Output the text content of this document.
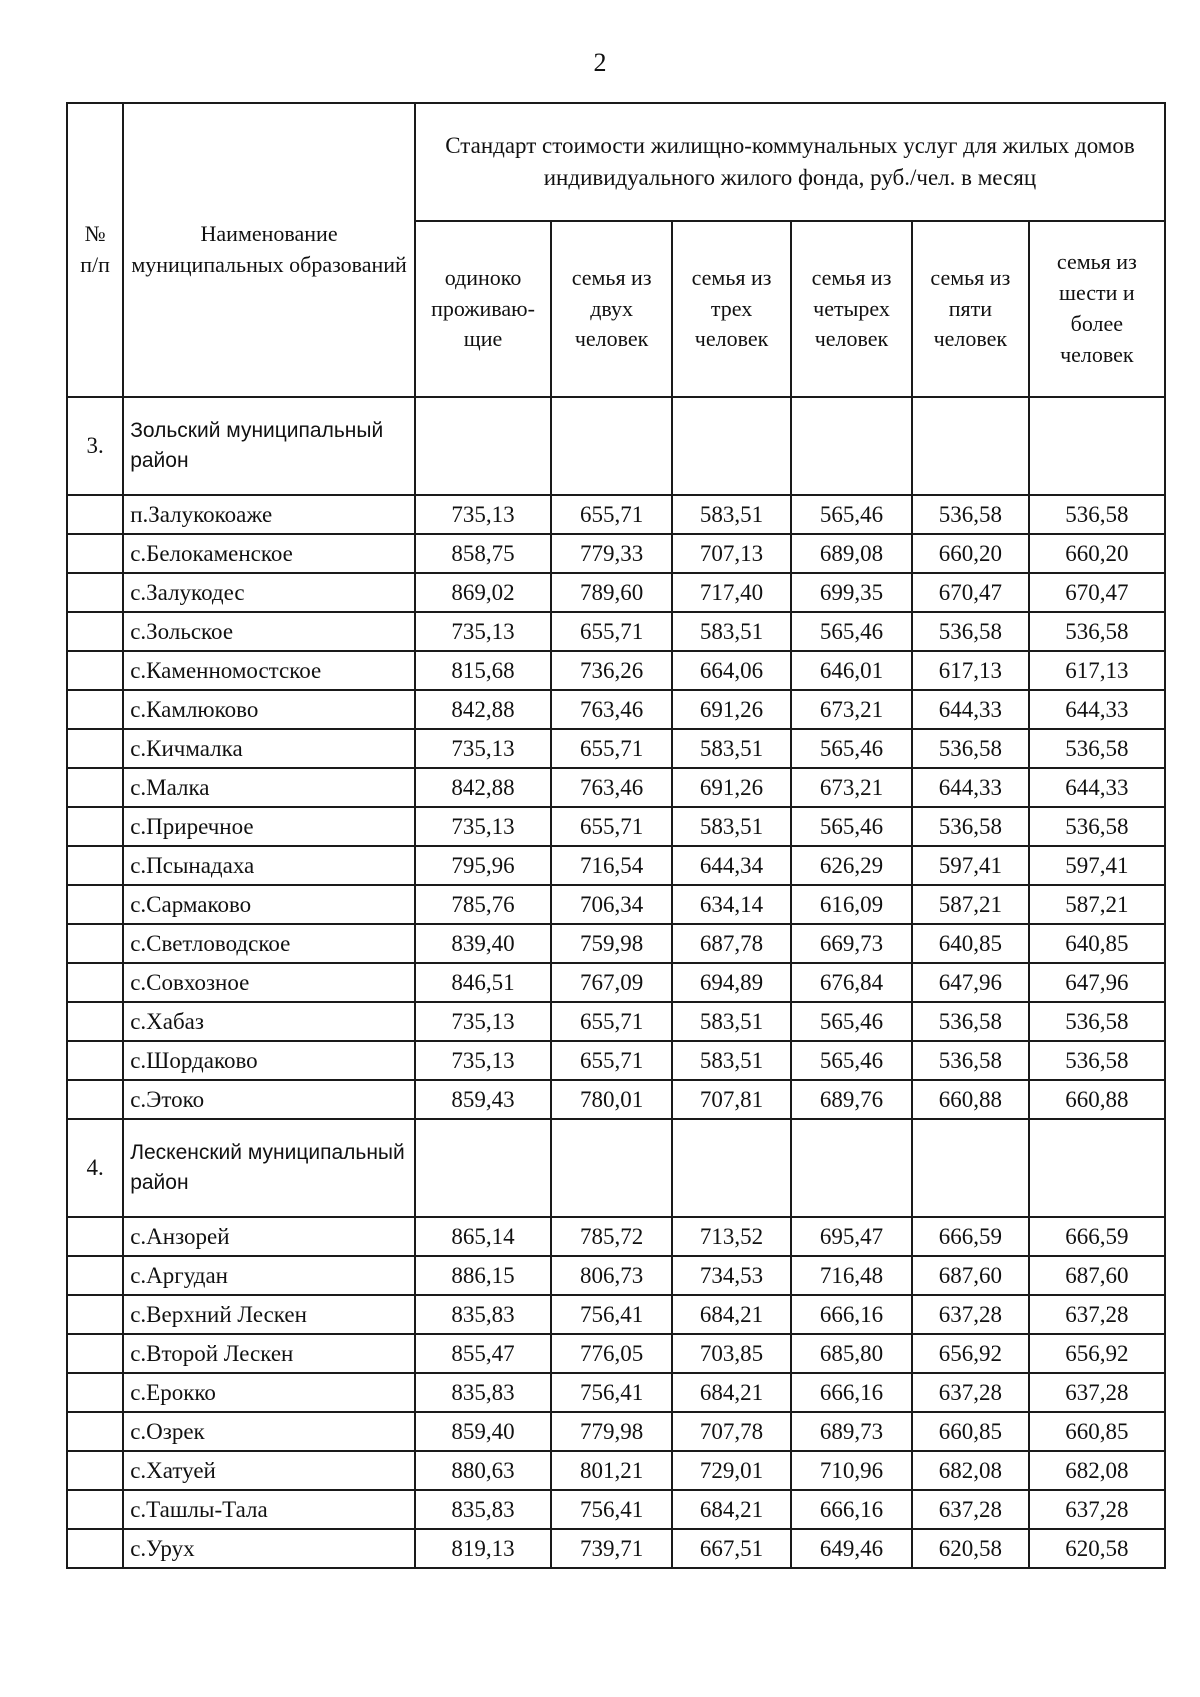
2
№ п/п	Наименование муниципальных образований	Стандарт стоимости жилищно-коммунальных услуг для жилых домов индивидуального жилого фонда, руб./чел. в месяц					
		одиноко проживаю-щие	семья из двух человек	семья из трех человек	семья из четырех человек	семья из пяти человек	семья из шести и более человек
3.	Зольский муниципальный район						
	п.Залукокоаже	735,13	655,71	583,51	565,46	536,58	536,58
	с.Белокаменское	858,75	779,33	707,13	689,08	660,20	660,20
	с.Залукодес	869,02	789,60	717,40	699,35	670,47	670,47
	с.Зольское	735,13	655,71	583,51	565,46	536,58	536,58
	с.Каменномостское	815,68	736,26	664,06	646,01	617,13	617,13
	с.Камлюково	842,88	763,46	691,26	673,21	644,33	644,33
	с.Кичмалка	735,13	655,71	583,51	565,46	536,58	536,58
	с.Малка	842,88	763,46	691,26	673,21	644,33	644,33
	с.Приречное	735,13	655,71	583,51	565,46	536,58	536,58
	с.Псынадаха	795,96	716,54	644,34	626,29	597,41	597,41
	с.Сармаково	785,76	706,34	634,14	616,09	587,21	587,21
	с.Светловодское	839,40	759,98	687,78	669,73	640,85	640,85
	с.Совхозное	846,51	767,09	694,89	676,84	647,96	647,96
	с.Хабаз	735,13	655,71	583,51	565,46	536,58	536,58
	с.Шордаково	735,13	655,71	583,51	565,46	536,58	536,58
	с.Этоко	859,43	780,01	707,81	689,76	660,88	660,88
4.	Лескенский муниципальный район						
	с.Анзорей	865,14	785,72	713,52	695,47	666,59	666,59
	с.Аргудан	886,15	806,73	734,53	716,48	687,60	687,60
	с.Верхний Лескен	835,83	756,41	684,21	666,16	637,28	637,28
	с.Второй Лескен	855,47	776,05	703,85	685,80	656,92	656,92
	с.Ерокко	835,83	756,41	684,21	666,16	637,28	637,28
	с.Озрек	859,40	779,98	707,78	689,73	660,85	660,85
	с.Хатуей	880,63	801,21	729,01	710,96	682,08	682,08
	с.Ташлы-Тала	835,83	756,41	684,21	666,16	637,28	637,28
	с.Урух	819,13	739,71	667,51	649,46	620,58	620,58
